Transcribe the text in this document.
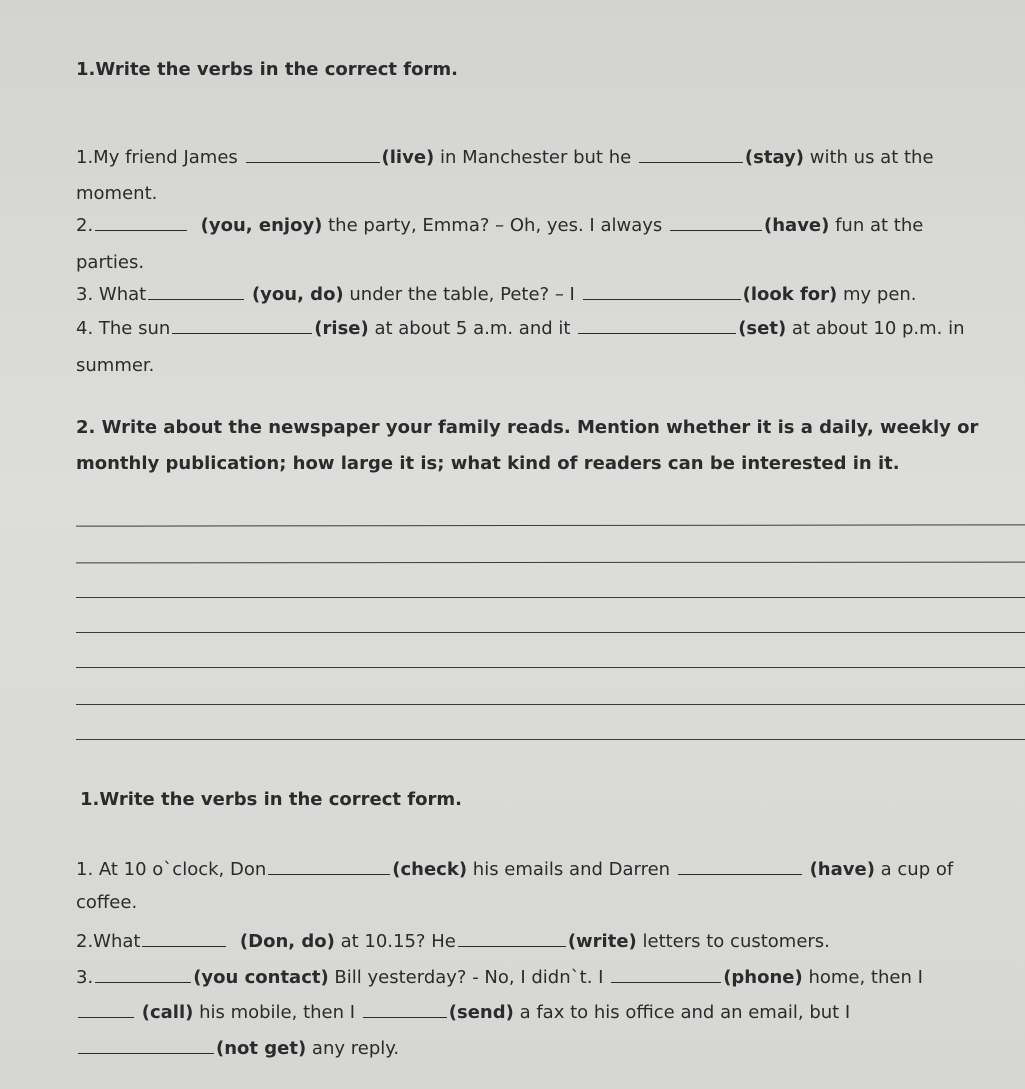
1.Write the verbs in the correct form.
1.My friend James	(live) in Manchester but he	(stay) with us at the
moment.
2.	(you, enjoy) the party, Emma? – Oh, yes. I always	(have) fun at the
parties.
3. What	(you, do) under the table, Pete? – I	(look for) my pen.
4. The sun	(rise) at about 5 a.m. and it	(set) at about 10 p.m. in
summer.
2. Write about the newspaper your family reads. Mention whether it is a daily, weekly or
monthly publication; how large it is; what kind of readers can be interested in it.
1.Write the verbs in the correct form.
1. At 10 o`clock, Don	(check) his emails and Darren	(have) a cup of
coffee.
2.What	(Don, do) at 10.15? He	(write) letters to customers.
3.	(you contact) Bill yesterday? - No, I didn`t. I	(phone) home, then I
(call) his mobile, then I	(send) a fax to his office and an email, but I
(not get) any reply.
